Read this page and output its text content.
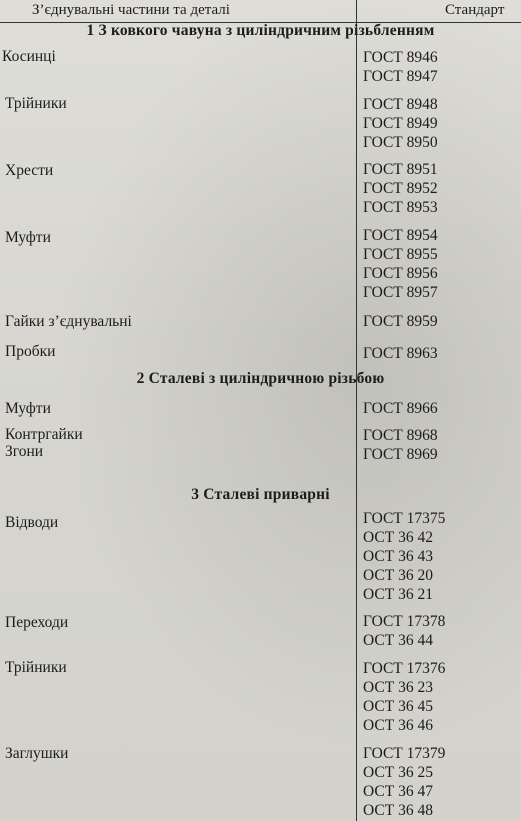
З’єднувальні частини та деталі	Стандарт
1 З ковкого чавуна з циліндричним різьбленням
Косинці	ГОСТ 8946
ГОСТ 8947
Трійники	ГОСТ 8948
ГОСТ 8949
ГОСТ 8950
Хрести	ГОСТ 8951
ГОСТ 8952
ГОСТ 8953
Муфти	ГОСТ 8954
ГОСТ 8955
ГОСТ 8956
ГОСТ 8957
Гайки з’єднувальні	ГОСТ 8959
Пробки	ГОСТ 8963
2 Сталеві з циліндричною різьбою
Муфти	ГОСТ 8966
Контргайки	ГОСТ 8968
Згони	ГОСТ 8969
3 Сталеві приварні
Відводи	ГОСТ 17375
ОСТ 36 42
ОСТ 36 43
ОСТ 36 20
ОСТ 36 21
Переходи	ГОСТ 17378
ОСТ 36 44
Трійники	ГОСТ 17376
ОСТ 36 23
ОСТ 36 45
ОСТ 36 46
Заглушки	ГОСТ 17379
ОСТ 36 25
ОСТ 36 47
ОСТ 36 48
